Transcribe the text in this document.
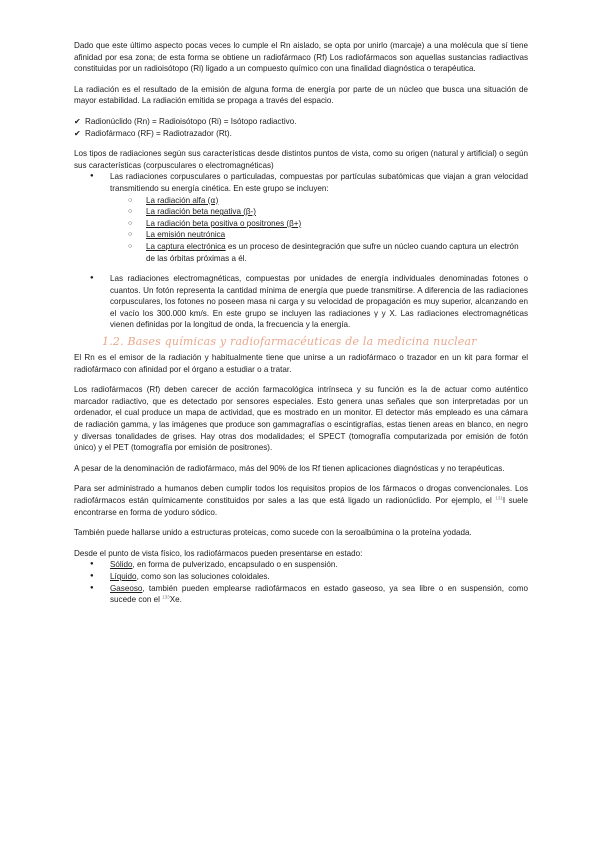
Dado que este último aspecto pocas veces lo cumple el Rn aislado, se opta por unirlo (marcaje) a una molécula que sí tiene afinidad por esa zona; de esta forma se obtiene un radiofármaco (Rf) Los radiofármacos son aquellas sustancias radiactivas constituidas por un radioisótopo (Ri) ligado a un compuesto químico con una finalidad diagnóstica o terapéutica.

La radiación es el resultado de la emisión de alguna forma de energía por parte de un núcleo que busca una situación de mayor estabilidad. La radiación emitida se propaga a través del espacio.

✔ Radionúclido (Rn) = Radioisótopo (Ri) = Isótopo radiactivo.
✔ Radiofármaco (RF) = Radiotrazador (Rt).
Los tipos de radiaciones según sus características desde distintos puntos de vista, como su origen (natural y artificial) o según sus características (corpusculares o electromagnéticas)
● Las radiaciones corpusculares o particuladas, compuestas por partículas subatómicas que viajan a gran velocidad transmitiendo su energía cinética. En este grupo se incluyen:
○ La radiación alfa (⍺)
○ La radiación beta negativa (β-)
○ La radiación beta positiva o positrones (β+)
○ La emisión neutrónica
○ La captura electrónica es un proceso de desintegración que sufre un núcleo cuando captura un electrón de las órbitas próximas a él.
● Las radiaciones electromagnéticas, compuestas por unidades de energía individuales denominadas fotones o cuantos. Un fotón representa la cantidad mínima de energía que puede transmitirse. A diferencia de las radiaciones corpusculares, los fotones no poseen masa ni carga y su velocidad de propagación es muy superior, alcanzando en el vacío los 300.000 km/s. En este grupo se incluyen las radiaciones γ y X. Las radiaciones electromagnéticas vienen definidas por la longitud de onda, la frecuencia y la energía.
1.2. Bases químicas y radiofarmacéuticas de la medicina nuclear

El Rn es el emisor de la radiación y habitualmente tiene que unirse a un radiofármaco o trazador en un kit para formar el radiofármaco con afinidad por el órgano a estudiar o a tratar.

Los radiofármacos (Rf) deben carecer de acción farmacológica intrínseca y su función es la de actuar como auténtico marcador radiactivo, que es detectado por sensores especiales. Esto genera unas señales que son interpretadas por un ordenador, el cual produce un mapa de actividad, que es mostrado en un monitor. El detector más empleado es una cámara de radiación gamma, y las imágenes que produce son gammagrafías o escintigrafías, estas tienen areas en blanco, en negro y diversas tonalidades de grises. Hay otras dos modalidades; el SPECT (tomografía computarizada por emisión de fotón único) y el PET (tomografía por emisión de positrones).

A pesar de la denominación de radiofármaco, más del 90% de los Rf tienen aplicaciones diagnósticas y no terapéuticas.

Para ser administrado a humanos deben cumplir todos los requisitos propios de los fármacos o drogas convencionales. Los radiofármacos están químicamente constituidos por sales a las que está ligado un radionúclido. Por ejemplo, el $^{131}$I suele encontrarse en forma de yoduro sódico.

También puede hallarse unido a estructuras proteicas, como sucede con la seroalbúmina o la proteína yodada.

Desde el punto de vista físico, los radiofármacos pueden presentarse en estado:
● Sólido, en forma de pulverizado, encapsulado o en suspensión.
● Líquido, como son las soluciones coloidales.
● Gaseoso, también pueden emplearse radiofármacos en estado gaseoso, ya sea libre o en suspensión, como sucede con el $^{133}$Xe.
